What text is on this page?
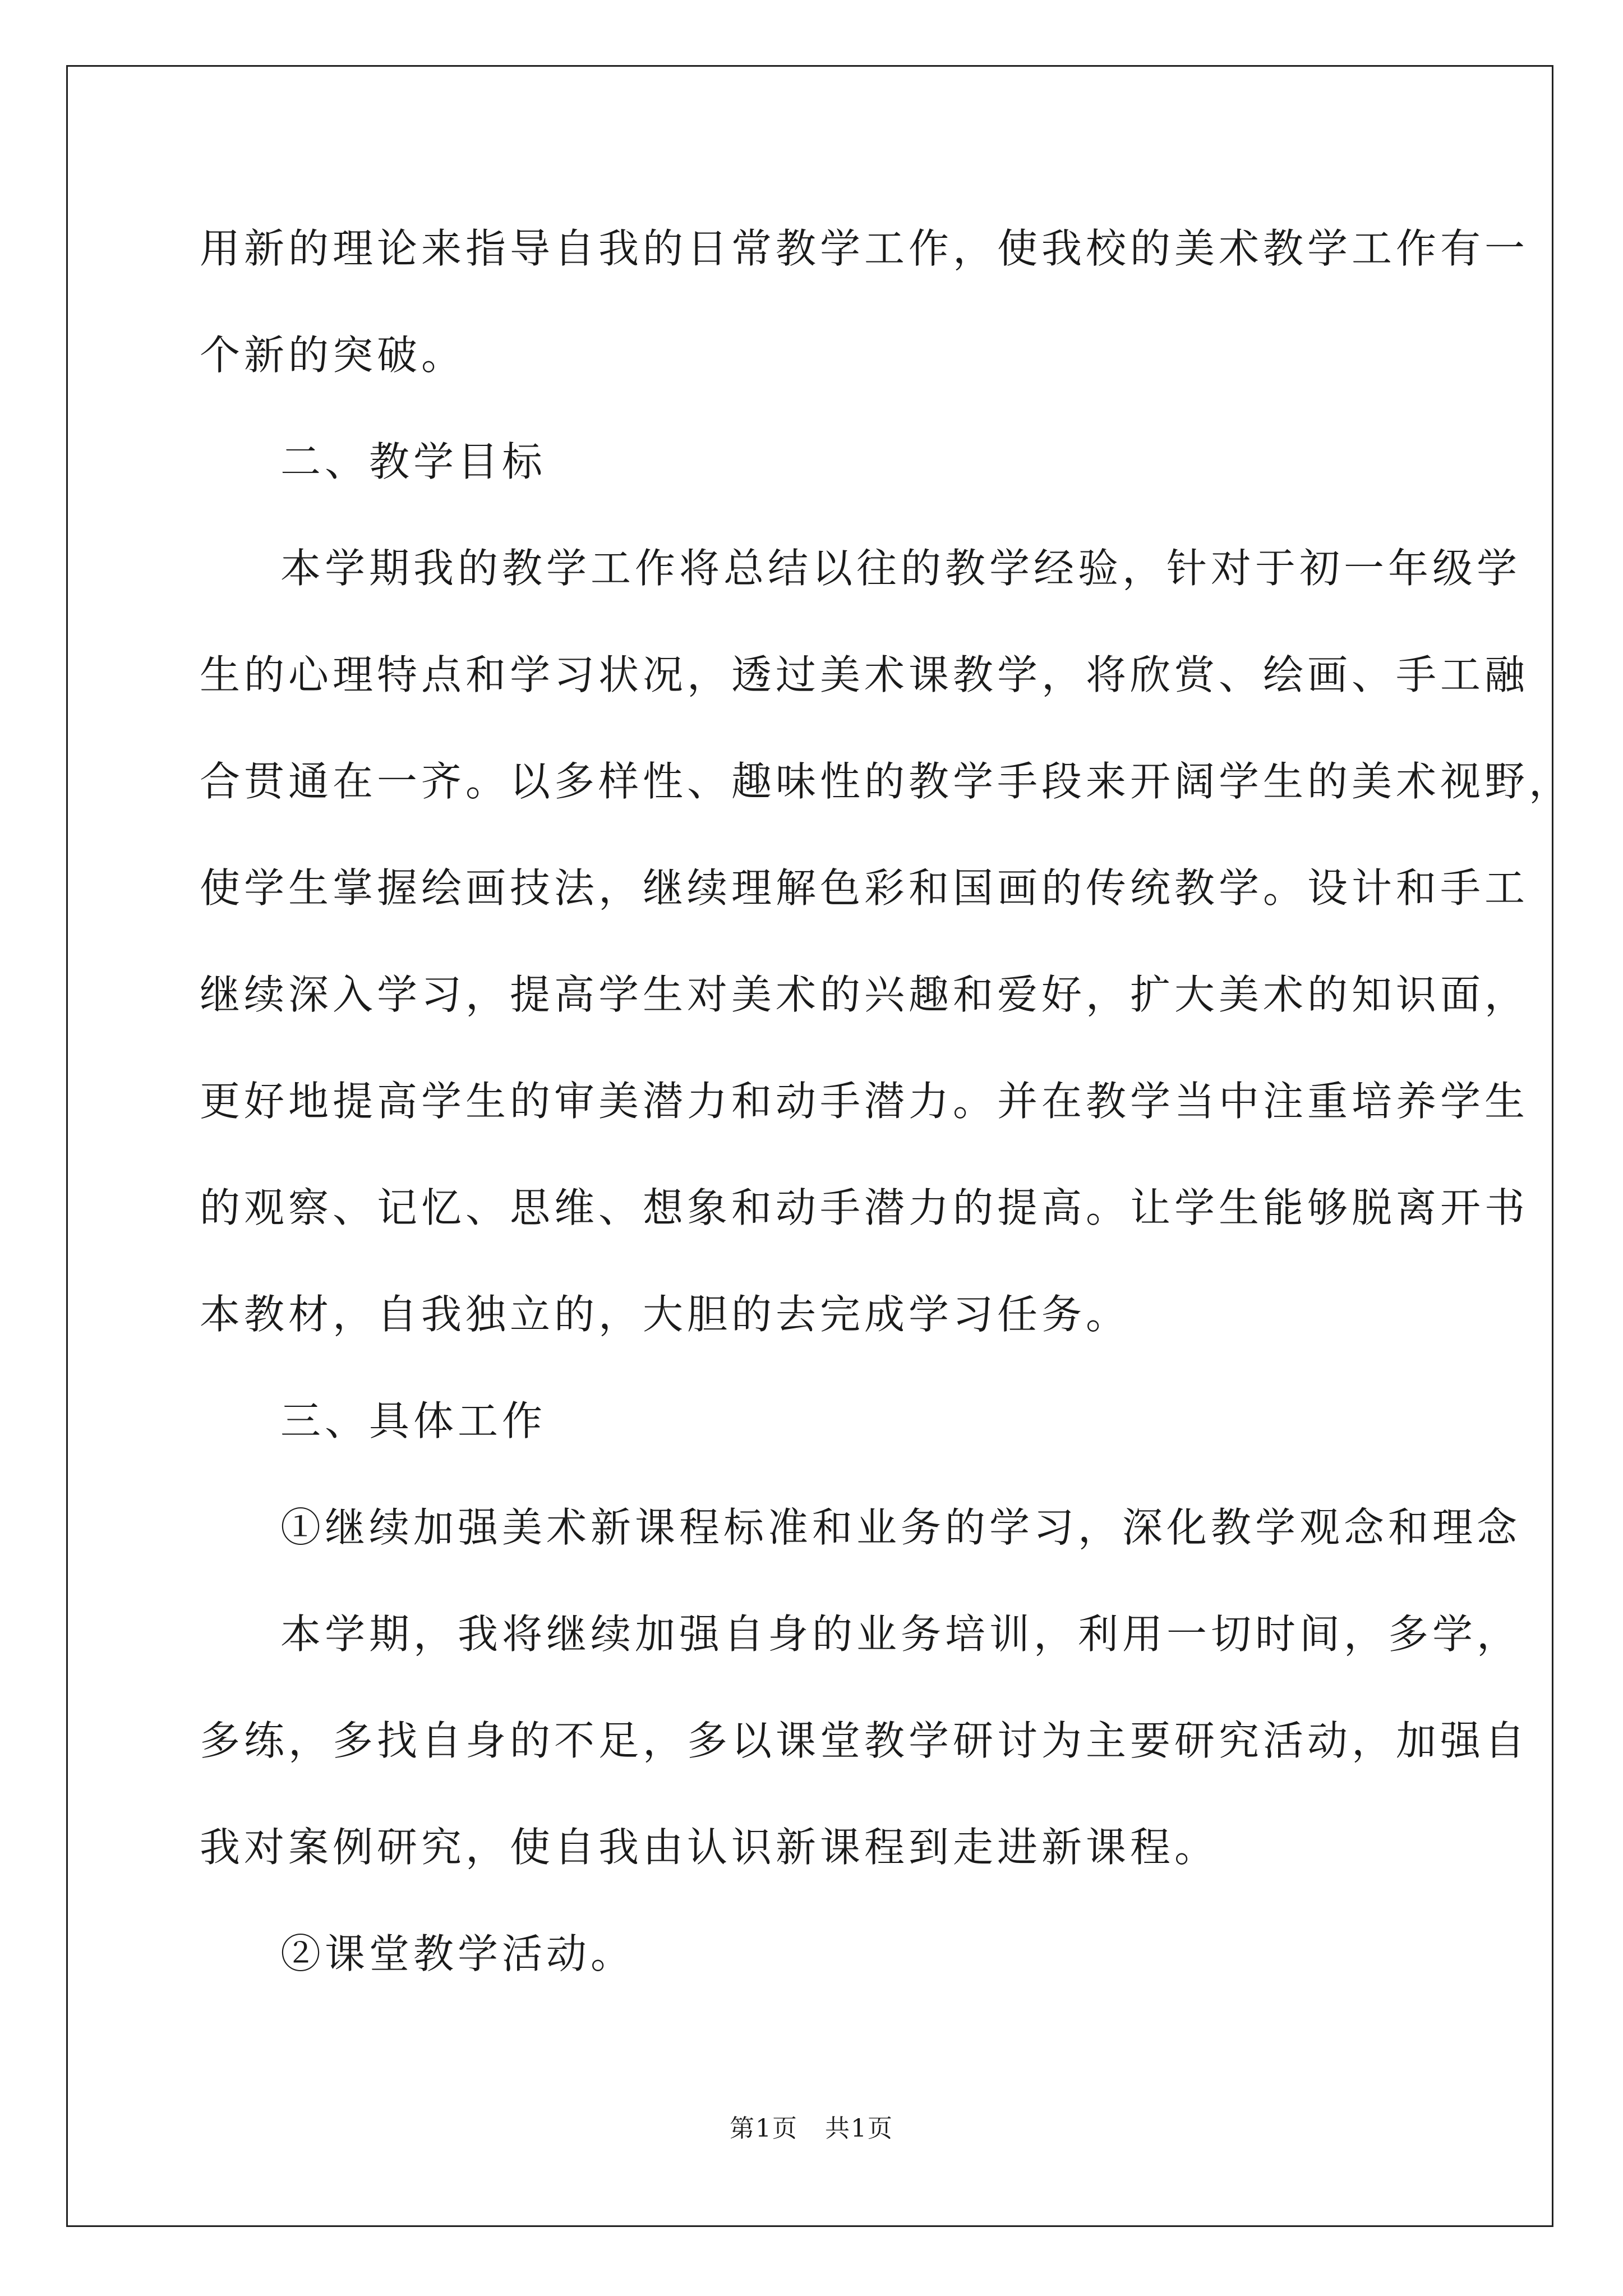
用新的理论来指导自我的日常教学工作，使我校的美术教学工作有一
个新的突破。
二、教学目标
本学期我的教学工作将总结以往的教学经验，针对于初一年级学
生的心理特点和学习状况，透过美术课教学，将欣赏、绘画、手工融
合贯通在一齐。以多样性、趣味性的教学手段来开阔学生的美术视野，
使学生掌握绘画技法，继续理解色彩和国画的传统教学。设计和手工
继续深入学习，提高学生对美术的兴趣和爱好，扩大美术的知识面，
更好地提高学生的审美潜力和动手潜力。并在教学当中注重培养学生
的观察、记忆、思维、想象和动手潜力的提高。让学生能够脱离开书
本教材，自我独立的，大胆的去完成学习任务。
三、具体工作
①继续加强美术新课程标准和业务的学习，深化教学观念和理念
本学期，我将继续加强自身的业务培训，利用一切时间，多学，
多练，多找自身的不足，多以课堂教学研讨为主要研究活动，加强自
我对案例研究，使自我由认识新课程到走进新课程。
②课堂教学活动。
第1页   共1页
